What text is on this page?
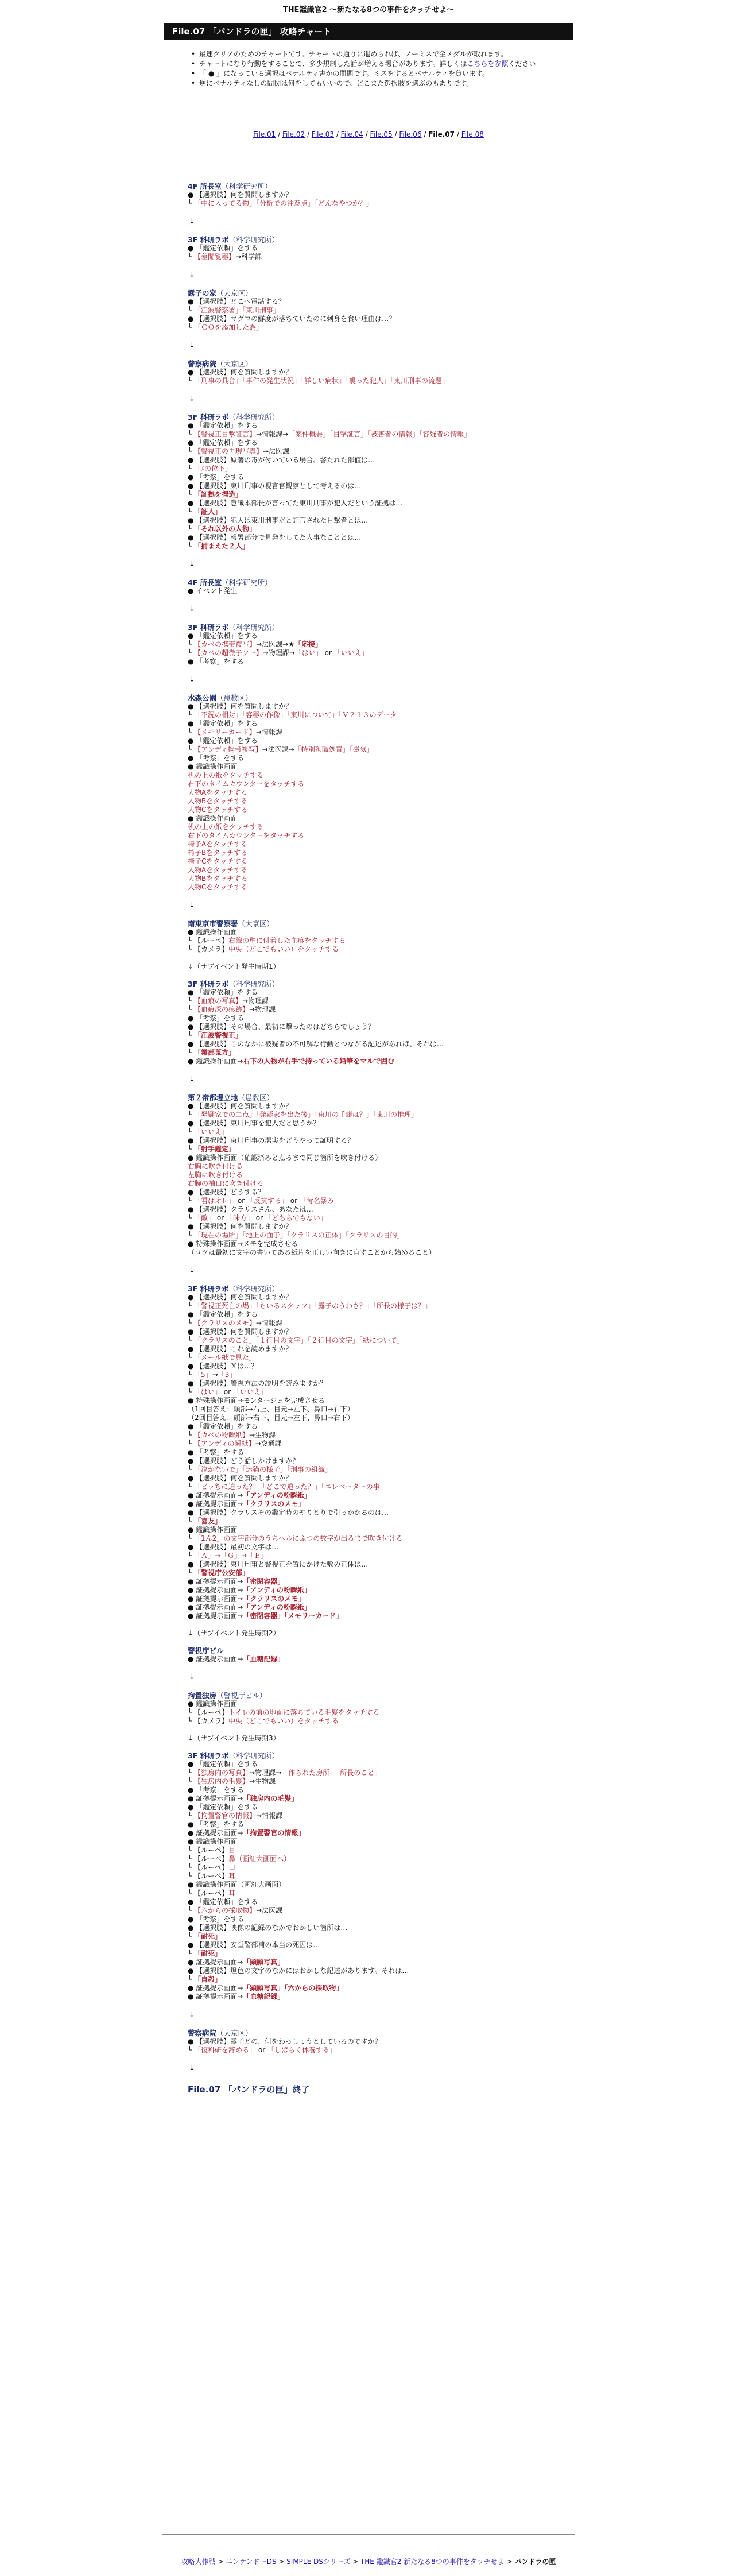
THE鑑識官2 〜新たなる8つの事件をタッチせよ〜
File.07 「パンドラの匣」 攻略チャート
• 最速クリアのためのチャートです。チャートの通りに進められば、ノーミスで金メダルが取れます。
• チャートになり行動をすることで、多少規制した話が増える場合があります。詳しくはこちらを参照ください
• 「 ● 」になっている選択はペナルティ書かの間関です。ミスをするとペナルティを負います。
• 逆にペナルティなしの間関は何をしてもいいので、どこまた選択肢を選ぶのもありです。
File.01 / File.02 / File.03 / File.04 / File.05 / File.06 / File.07 / File.08
4F 所長室（科学研究所）
● 【選択肢】何を質問しますか？
└ 「中に入ってる物」「分析での注意点」「どんなやつか？」
↓
3F 科研ラボ（科学研究所）
● 「鑑定依頼」をする
└ 【差閲覧器】→科学課
↓
露子の家（大京区）
● 【選択肢】どこへ電話する？
└ 「江波警察署」「東川刑事」
● 【選択肢】マグロの鮮度が落ちていたのに刺身を食い理由は…？
└ 「ＣＯを添加した為」
↓
警察病院（大京区）
● 【選択肢】何を質問しますか？
└ 「刑事の具合」「事件の発生状況」「詳しい病状」「襲った犯人」「東川刑事の流題」
↓
3F 科研ラボ（科学研究所）
● 「鑑定依頼」をする
└ 【警視正目撃証言】→情報課→「案件概要」「目撃証言」「被害者の情報」「容疑者の情報」
● 「鑑定依頼」をする
└ 【警視正の再現写真】→法医課
● 【選択肢】原著の毒が付いている場合、警たれた部値は…
└ 「ｴの位下」
● 「考察」をする
● 【選択肢】東川刑事の視言官観察として考えるのは…
└ 「証拠を捏造」
● 【選択肢】意識本部長が言ってた東川刑事が犯人だという証拠は…
└ 「証人」
● 【選択肢】犯人は東川刑事だと証言された目撃者とは…
└ 「それ以外の人物」
● 【選択肢】報署部分で見発をしてた大事なこととは…
└ 「捕まえた２人」
↓
4F 所長室（科学研究所）
● イベント発生
↓
3F 科研ラボ（科学研究所）
● 「鑑定依頼」をする
└ 【カベの携帯複写】→法医課→★「応接」
└ 【カベの超微子フー】→物理課→「はい」 or 「いいえ」
● 「考察」をする
↓
水森公園（患教区）
● 【選択肢】何を質問しますか？
└ 「不況の相対」「容器の作像」「東川について」「Ｖ２１３のデータ」
● 「鑑定依頼」をする
└ 【メモリーカード】→情報課
● 「鑑定依頼」をする
└ 【アンディ携帯複写】→法医課→「特別殉職処置」「磁気」
● 「考察」をする
● 鑑識操作画面
机の上の紙をタッチする
右下のタイムカウンターをタッチする
人物Aをタッチする
人物Bをタッチする
人物Cをタッチする
● 鑑識操作画面
机の上の紙をタッチする
右下のタイムカウンターをタッチする
椅子Aをタッチする
椅子Bをタッチする
椅子Cをタッチする
人物Aをタッチする
人物Bをタッチする
人物Cをタッチする
↓
南東京市警察署（大京区）
● 鑑識操作画面
└ 【ルーペ】右線の壁に付着した血痕をタッチする
└ 【カメラ】中央（どこでもいい）をタッチする
↓（サブイベント発生時期1）
3F 科研ラボ（科学研究所）
● 「鑑定依頼」をする
└ 【血痕の写真】→物理課
└ 【血痕深の痕跡】→物理課
● 「考察」をする
● 【選択肢】その場合、最初に撃ったのはどちらでしょう？
└ 「江波警視正」
● 【選択肢】このなかに被疑者の不可解な行動とつながる記述があれば、それは…
└ 「業部蒐方」
● 鑑識操作画面→右下の人物が右手で持っている鉛筆をマルで囲む
↓
第２帝都埋立地（患教区）
● 【選択肢】何を質問しますか？
└ 「発疑家での二点」「発疑家を出た後」「東川の手癖は？」「東川の推理」
● 【選択肢】東川刑事を犯人だと思うか？
└ 「いいえ」
● 【選択肢】東川刑事の潔実をどうやって証明する？
└ 「射手鑑定」
● 鑑識操作画面（確認済みと点るまで同じ箇所を吹き付ける）
右胸に吹き付ける
左胸に吹き付ける
右腕の袖口に吹き付ける
● 【選択肢】どうする？
└ 「君はオレ」 or 「反抗する」 or 「苛名暴み」
● 【選択肢】クラリスさん、あなたは…
└ 「敵」 or 「味方」 or 「どちらでもない」
● 【選択肢】何を質問しますか？
└ 「現在の場所」「地上の面子」「クラリスの正体」「クラリスの目的」
● 特殊操作画面→メモを完成させる
（コツは最初に文字の書いてある紙片を正しい向きに直すことから始めること）
↓
3F 科研ラボ（科学研究所）
● 【選択肢】何を質問しますか？
└ 「警視正死亡の場」「ちいるスタッフ」「露子のうわさ？」「所長の様子は？」
● 「鑑定依頼」をする
└ 【クラリスのメモ】→情報課
● 【選択肢】何を質問しますか？
└ 「クラリスのこと」「１行目の文字」「２行目の文字」「紙について」
● 【選択肢】これを読めますか？
└ 「メール紙で見た」
● 【選択肢】Ｘは…？
└ 「5」→「3」
● 【選択肢】警視方法の説明を読みますか？
└ 「はい」 or 「いいえ」
● 特殊操作画面→モンタージュを完成させる
（1回目答え：頭部→右上、目元→左下、鼻口→右下）
（2回目答え：頭部→右下、目元→左下、鼻口→右下）
● 「鑑定依頼」をする
└ 【カベの粉瞬紙】→生物課
└ 【アンディの瞬紙】→交通課
● 「考察」をする
● 【選択肢】どう話しかけますか？
└ 「泣かないで」「迷猫の様子」「刑事の組織」
● 【選択肢】何を質問しますか？
└ 「ビッちに迫った？」「どこで迫った？」「エレベーターの事」
● 証拠提示画面→「アンディの粉瞬紙」
● 証拠提示画面→「クラリスのメモ」
● 【選択肢】クラリスその鑑定時のやりとりで引っかかるのは…
└ 「喜友」
● 鑑識操作画面
└ 「1ん2」の文字部分のうちヘルにふつの数字が出るまで吹き付ける
● 【選択肢】最初の文字は…
└ 「Ａ」→「Ｇ」→「Ｅ」
● 【選択肢】東川刑事と警視正を置にかけた敷の正体は…
└ 「警視庁公安部」
● 証拠提示画面→「密閉容器」
● 証拠提示画面→「アンディの粉瞬紙」
● 証拠提示画面→「クラリスのメモ」
● 証拠提示画面→「アンディの粉瞬紙」
● 証拠提示画面→「密閉容器」「メモリーカード」
↓（サブイベント発生時期2）
警視庁ビル
● 証拠提示画面→「血糖記録」
↓
拘置独房（警視庁ビル）
● 鑑識操作画面
└ 【ルーペ】トイレの前の地面に落ちている毛髪をタッチする
└ 【カメラ】中央（どこでもいい）をタッチする
↓（サブイベント発生時期3）
3F 科研ラボ（科学研究所）
● 「鑑定依頼」をする
└ 【独房内の写真】→物理課→「作られた房所」「所長のこと」
└ 【独房内の毛髪】→生物課
● 「考察」をする
● 証拠提示画面→「独房内の毛髪」
● 「鑑定依頼」をする
└ 【拘置警官の情報】→情報課
● 「考察」をする
● 証拠提示画面→「拘置警官の情報」
● 鑑識操作画面
└ 【ルーペ】目
└ 【ルーペ】鼻（画紅大画面へ）
└ 【ルーペ】口
└ 【ルーペ】耳
● 鑑識操作画面（画紅大画面）
└ 【ルーペ】耳
● 「鑑定依頼」をする
└ 【六からの採取物】→法医課
● 「考察」をする
● 【選択肢】映像の記録のなかでおかしい箇所は…
└ 「耐死」
● 【選択肢】安堂警部補の本当の死因は…
└ 「耐死」
● 証拠提示画面→「顕願写真」
● 【選択肢】燈色の文字のなかにはおかしな記述があります。それは…
└ 「自殺」
● 証拠提示画面→「顕願写真」「六からの採取物」
● 証拠提示画面→「血糖記録」
↓
警察病院（大京区）
● 【選択肢】露子どの、何をわっしょうとしているのですか？
└ 「復科研を辞める」 or 「しばらく休養する」
↓
File.07 「パンドラの匣」終了
攻略大作戦 > ニンテンドーDS > SIMPLE DSシリーズ > THE 鑑識官2 新たなる8つの事件をタッチせよ > パンドラの匣
